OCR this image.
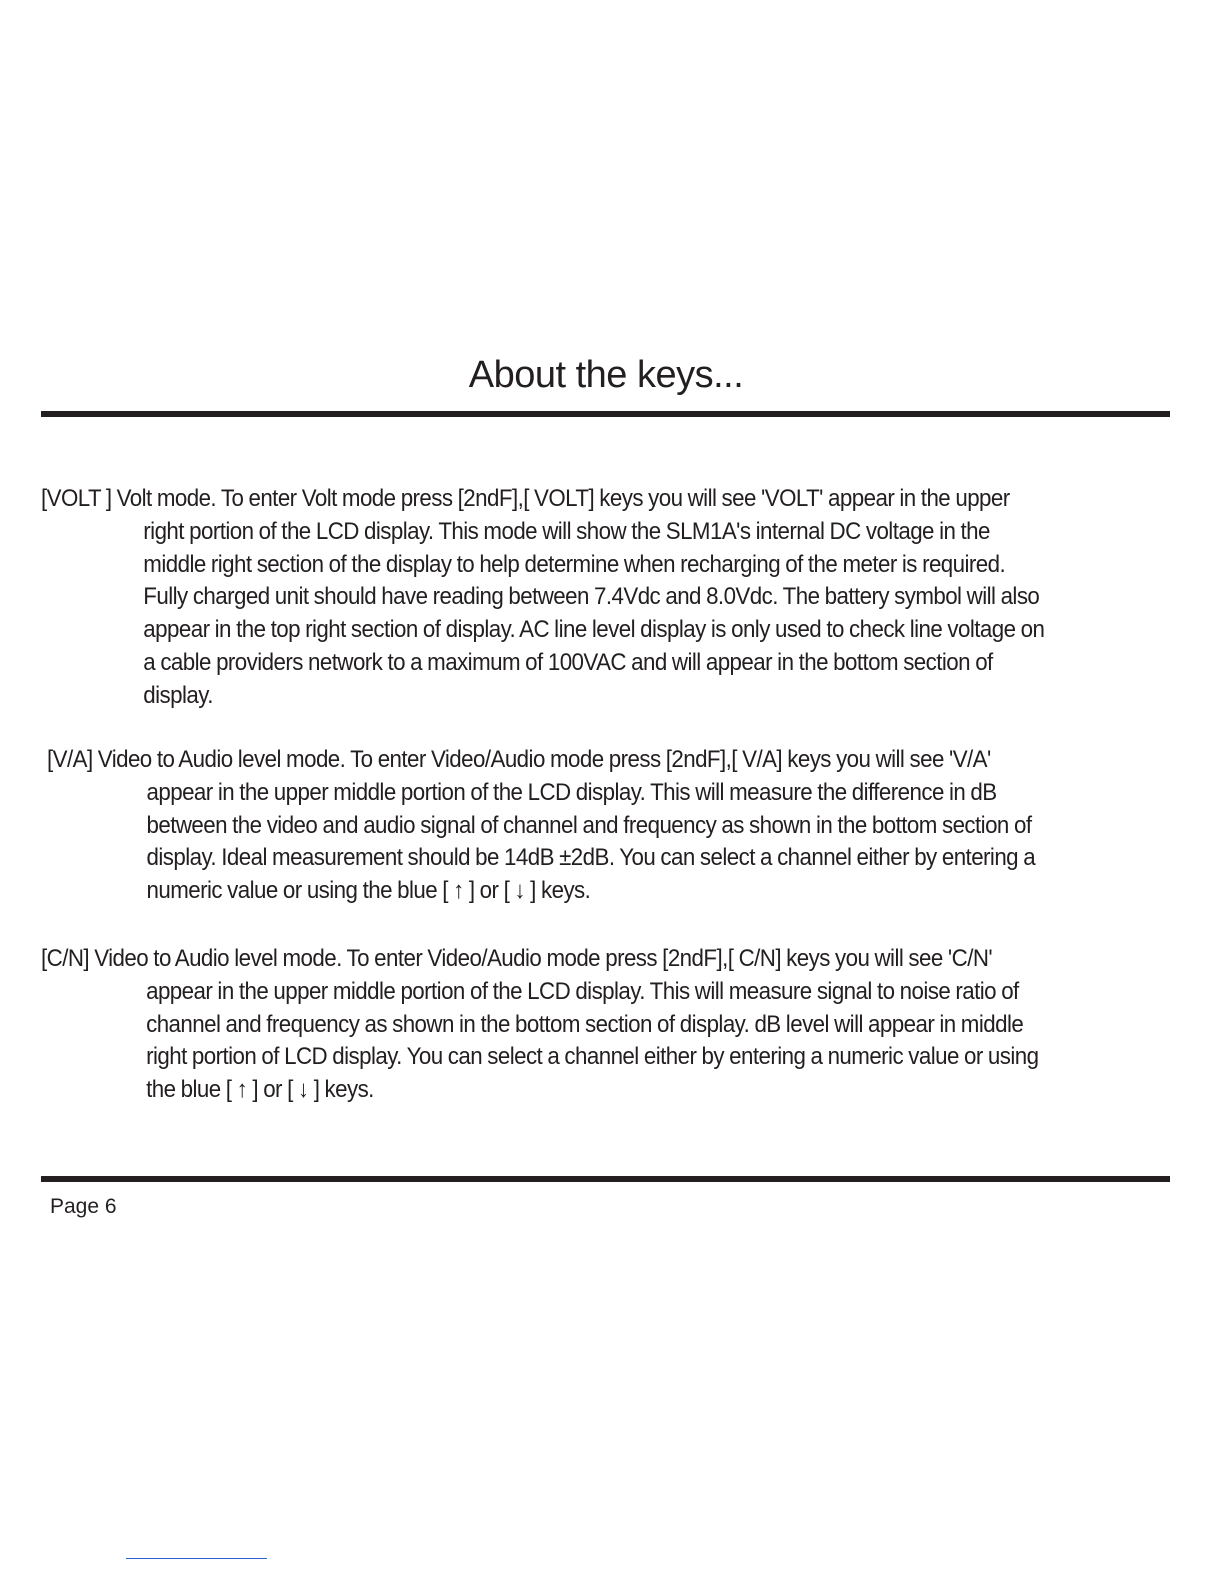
About the keys...
[VOLT ] Volt mode. To enter Volt mode press [2ndF],[ VOLT] keys you will see 'VOLT' appear in the upper
right portion of the LCD display. This mode will show the SLM1A's internal DC voltage in the
middle right section of the display to help determine when recharging of the meter is required.
Fully charged unit should have reading between 7.4Vdc and 8.0Vdc. The battery symbol will also
appear in the top right section of display. AC line level display is only used to check line voltage on
a cable providers network to a maximum of 100VAC and will appear in the bottom section of
display.
[V/A] Video to Audio level mode. To enter Video/Audio mode press [2ndF],[ V/A] keys you will see 'V/A'
appear in the upper middle portion of the LCD display. This will measure the difference in dB
between the video and audio signal of channel and frequency as shown in the bottom section of
display. Ideal measurement should be 14dB ±2dB. You can select a channel either by entering a
numeric value or using the blue [ ↑ ] or [ ↓ ] keys.
[C/N] Video to Audio level mode. To enter Video/Audio mode press [2ndF],[ C/N] keys you will see 'C/N'
appear in the upper middle portion of the LCD display. This will measure signal to noise ratio of
channel and frequency as shown in the bottom section of display. dB level will appear in middle
right portion of LCD display. You can select a channel either by entering a numeric value or using
the blue [ ↑ ] or [ ↓ ] keys.
Page 6
